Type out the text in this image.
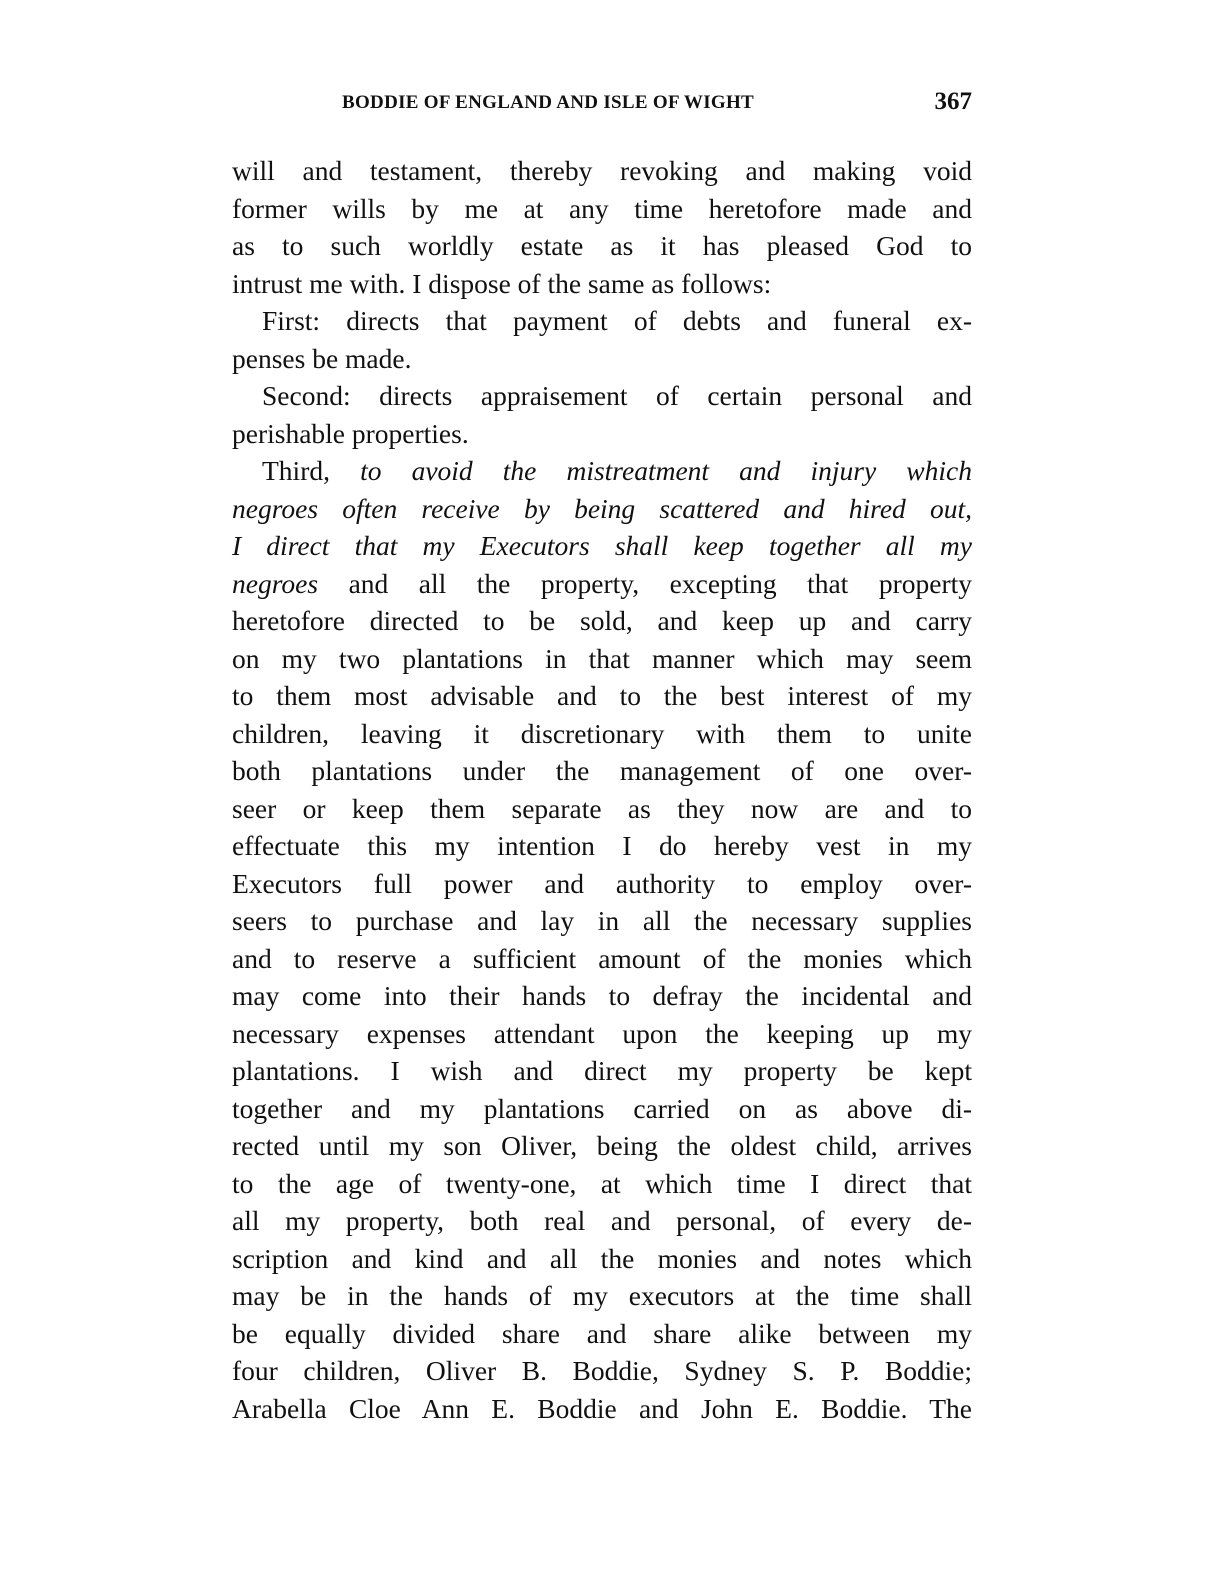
BODDIE OF ENGLAND AND ISLE OF WIGHT	367
will and testament, thereby revoking and making void
former wills by me at any time heretofore made and
as to such worldly estate as it has pleased God to
intrust me with. I dispose of the same as follows:
First: directs that payment of debts and funeral ex-
penses be made.
Second: directs appraisement of certain personal and
perishable properties.
Third, to avoid the mistreatment and injury which
negroes often receive by being scattered and hired out,
I direct that my Executors shall keep together all my
negroes and all the property, excepting that property
heretofore directed to be sold, and keep up and carry
on my two plantations in that manner which may seem
to them most advisable and to the best interest of my
children, leaving it discretionary with them to unite
both plantations under the management of one over-
seer or keep them separate as they now are and to
effectuate this my intention I do hereby vest in my
Executors full power and authority to employ over-
seers to purchase and lay in all the necessary supplies
and to reserve a sufficient amount of the monies which
may come into their hands to defray the incidental and
necessary expenses attendant upon the keeping up my
plantations. I wish and direct my property be kept
together and my plantations carried on as above di-
rected until my son Oliver, being the oldest child, arrives
to the age of twenty-one, at which time I direct that
all my property, both real and personal, of every de-
scription and kind and all the monies and notes which
may be in the hands of my executors at the time shall
be equally divided share and share alike between my
four children, Oliver B. Boddie, Sydney S. P. Boddie;
Arabella Cloe Ann E. Boddie and John E. Boddie. The
